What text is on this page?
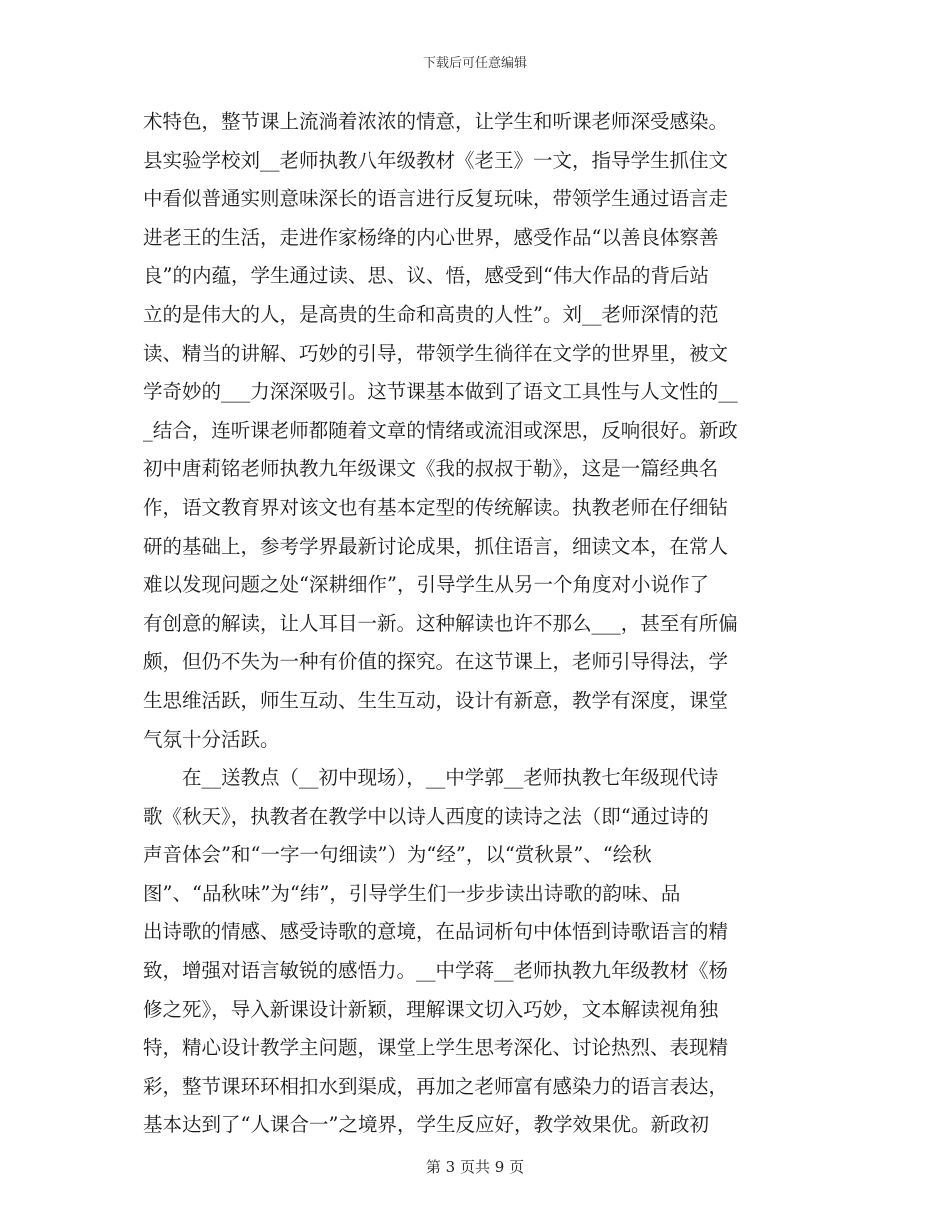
下载后可任意编辑
术特色，整节课上流淌着浓浓的情意，让学生和听课老师深受感染。
县实验学校刘__老师执教八年级教材《老王》一文，指导学生抓住文
中看似普通实则意味深长的语言进行反复玩味，带领学生通过语言走
进老王的生活，走进作家杨绛的内心世界，感受作品“以善良体察善
良”的内蕴，学生通过读、思、议、悟，感受到“伟大作品的背后站
立的是伟大的人，是高贵的生命和高贵的人性”。刘__老师深情的范
读、精当的讲解、巧妙的引导，带领学生徜徉在文学的世界里，被文
学奇妙的___力深深吸引。这节课基本做到了语文工具性与人文性的__
_结合，连听课老师都随着文章的情绪或流泪或深思，反响很好。新政
初中唐莉铭老师执教九年级课文《我的叔叔于勒》，这是一篇经典名
作，语文教育界对该文也有基本定型的传统解读。执教老师在仔细钻
研的基础上，参考学界最新讨论成果，抓住语言，细读文本，在常人
难以发现问题之处“深耕细作”，引导学生从另一个角度对小说作了
有创意的解读，让人耳目一新。这种解读也许不那么___，甚至有所偏
颇，但仍不失为一种有价值的探究。在这节课上，老师引导得法，学
生思维活跃，师生互动、生生互动，设计有新意，教学有深度，课堂
气氛十分活跃。
　　在__送教点（__初中现场），__中学郭__老师执教七年级现代诗
歌《秋天》，执教者在教学中以诗人西度的读诗之法（即“通过诗的
声音体会”和“一字一句细读”）为“经”，以“赏秋景”、“绘秋
图”、“品秋味”为“纬”，引导学生们一步步读出诗歌的韵味、品
出诗歌的情感、感受诗歌的意境，在品词析句中体悟到诗歌语言的精
致，增强对语言敏锐的感悟力。__中学蒋__老师执教九年级教材《杨
修之死》，导入新课设计新颖，理解课文切入巧妙，文本解读视角独
特，精心设计教学主问题，课堂上学生思考深化、讨论热烈、表现精
彩，整节课环环相扣水到渠成，再加之老师富有感染力的语言表达，
基本达到了“人课合一”之境界，学生反应好，教学效果优。新政初
第 3 页共 9 页
